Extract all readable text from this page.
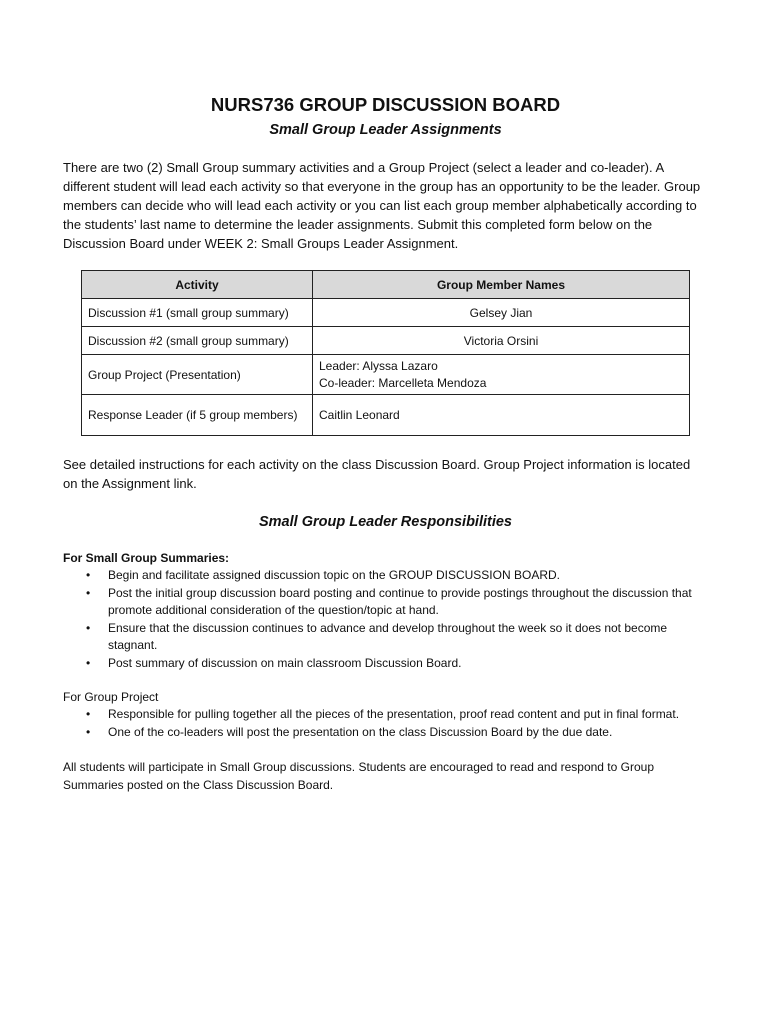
NURS736 GROUP DISCUSSION BOARD
Small Group Leader Assignments

There are two (2) Small Group summary activities and a Group Project (select a leader and co-leader). A different student will lead each activity so that everyone in the group has an opportunity to be the leader. Group members can decide who will lead each activity or you can list each group member alphabetically according to the students’ last name to determine the leader assignments. Submit this completed form below on the Discussion Board under WEEK 2: Small Groups Leader Assignment.

Activity	Group Member Names
Discussion #1 (small group summary)	Gelsey Jian
Discussion #2 (small group summary)	Victoria Orsini
Group Project (Presentation)	Leader: Alyssa Lazaro
Co-leader: Marcelleta Mendoza

Response Leader (if 5 group members)	Caitlin Leonard

See detailed instructions for each activity on the class Discussion Board. Group Project information is located on the Assignment link.

Small Group Leader Responsibilities
For Small Group Summaries:
• Begin and facilitate assigned discussion topic on the GROUP DISCUSSION BOARD.
• Post the initial group discussion board posting and continue to provide postings throughout the discussion that promote additional consideration of the question/topic at hand.
• Ensure that the discussion continues to advance and develop throughout the week so it does not become stagnant.
• Post summary of discussion on main classroom Discussion Board.
For Group Project
• Responsible for pulling together all the pieces of the presentation, proof read content and put in final format.
• One of the co-leaders will post the presentation on the class Discussion Board by the due date.

All students will participate in Small Group discussions. Students are encouraged to read and respond to Group Summaries posted on the Class Discussion Board.
